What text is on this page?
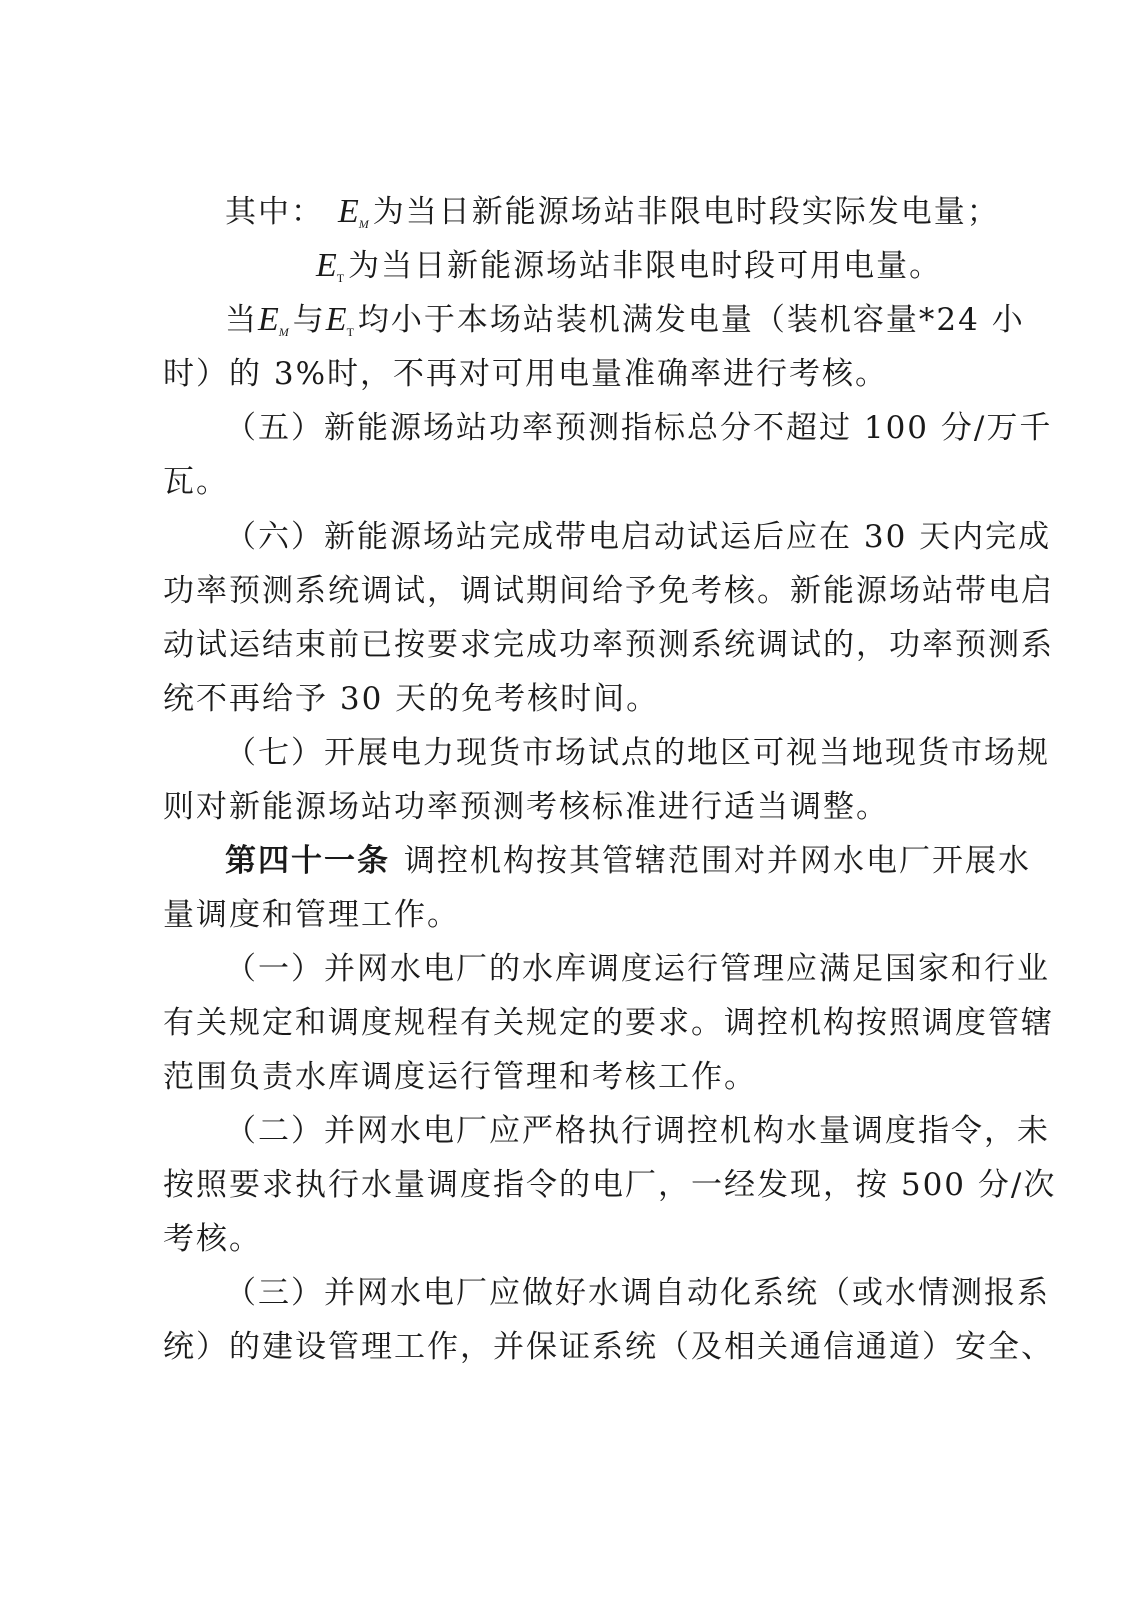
其中： $E_M$ 为当日新能源场站非限电时段实际发电量；
$E_T$ 为当日新能源场站非限电时段可用电量。
当$E_M$ 与$E_T$ 均小于本场站装机满发电量（装机容量*24 小
时）的 3%时，不再对可用电量准确率进行考核。
（五）新能源场站功率预测指标总分不超过 100 分/万千
瓦。
（六）新能源场站完成带电启动试运后应在 30 天内完成
功率预测系统调试，调试期间给予免考核。新能源场站带电启
动试运结束前已按要求完成功率预测系统调试的，功率预测系
统不再给予 30 天的免考核时间。
（七）开展电力现货市场试点的地区可视当地现货市场规
则对新能源场站功率预测考核标准进行适当调整。
第四十一条 调控机构按其管辖范围对并网水电厂开展水
量调度和管理工作。
（一）并网水电厂的水库调度运行管理应满足国家和行业
有关规定和调度规程有关规定的要求。调控机构按照调度管辖
范围负责水库调度运行管理和考核工作。
（二）并网水电厂应严格执行调控机构水量调度指令，未
按照要求执行水量调度指令的电厂，一经发现，按 500 分/次
考核。
（三）并网水电厂应做好水调自动化系统（或水情测报系
统）的建设管理工作，并保证系统（及相关通信通道）安全、
